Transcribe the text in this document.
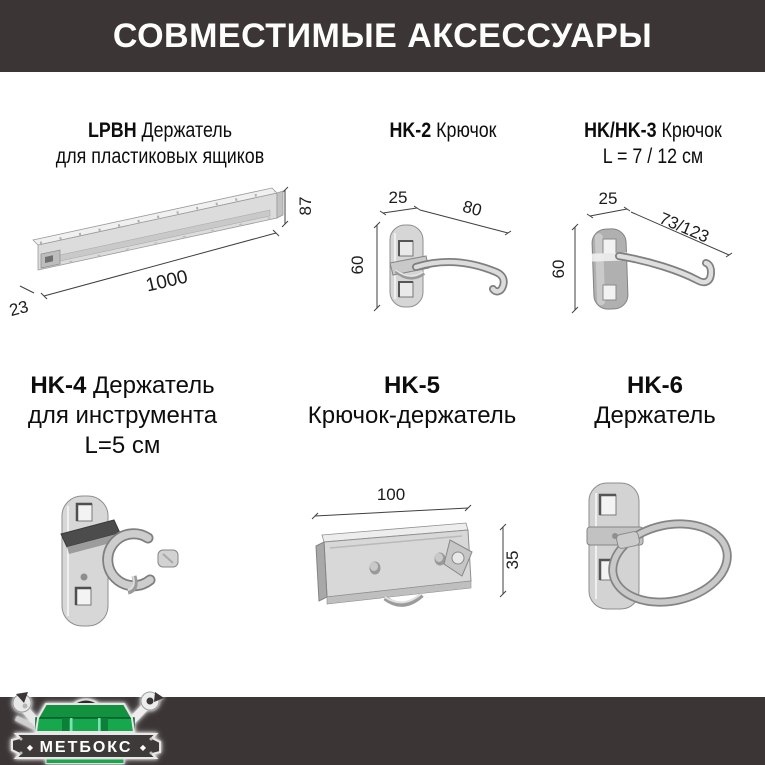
СОВМЕСТИМЫЕ АКСЕССУАРЫ
LPBH Держатель
для пластиковых ящиков
HK-2 Крючок	HK/HK-3 Крючок
L = 7 / 12 см
87
1000
23
25	80
60
25
73/123
60
HK-4 Держатель
для инструмента
L=5 см
HK-5
Крючок-держатель
HK-6
Держатель
100
35
◆ МЕТБОКС ◆
